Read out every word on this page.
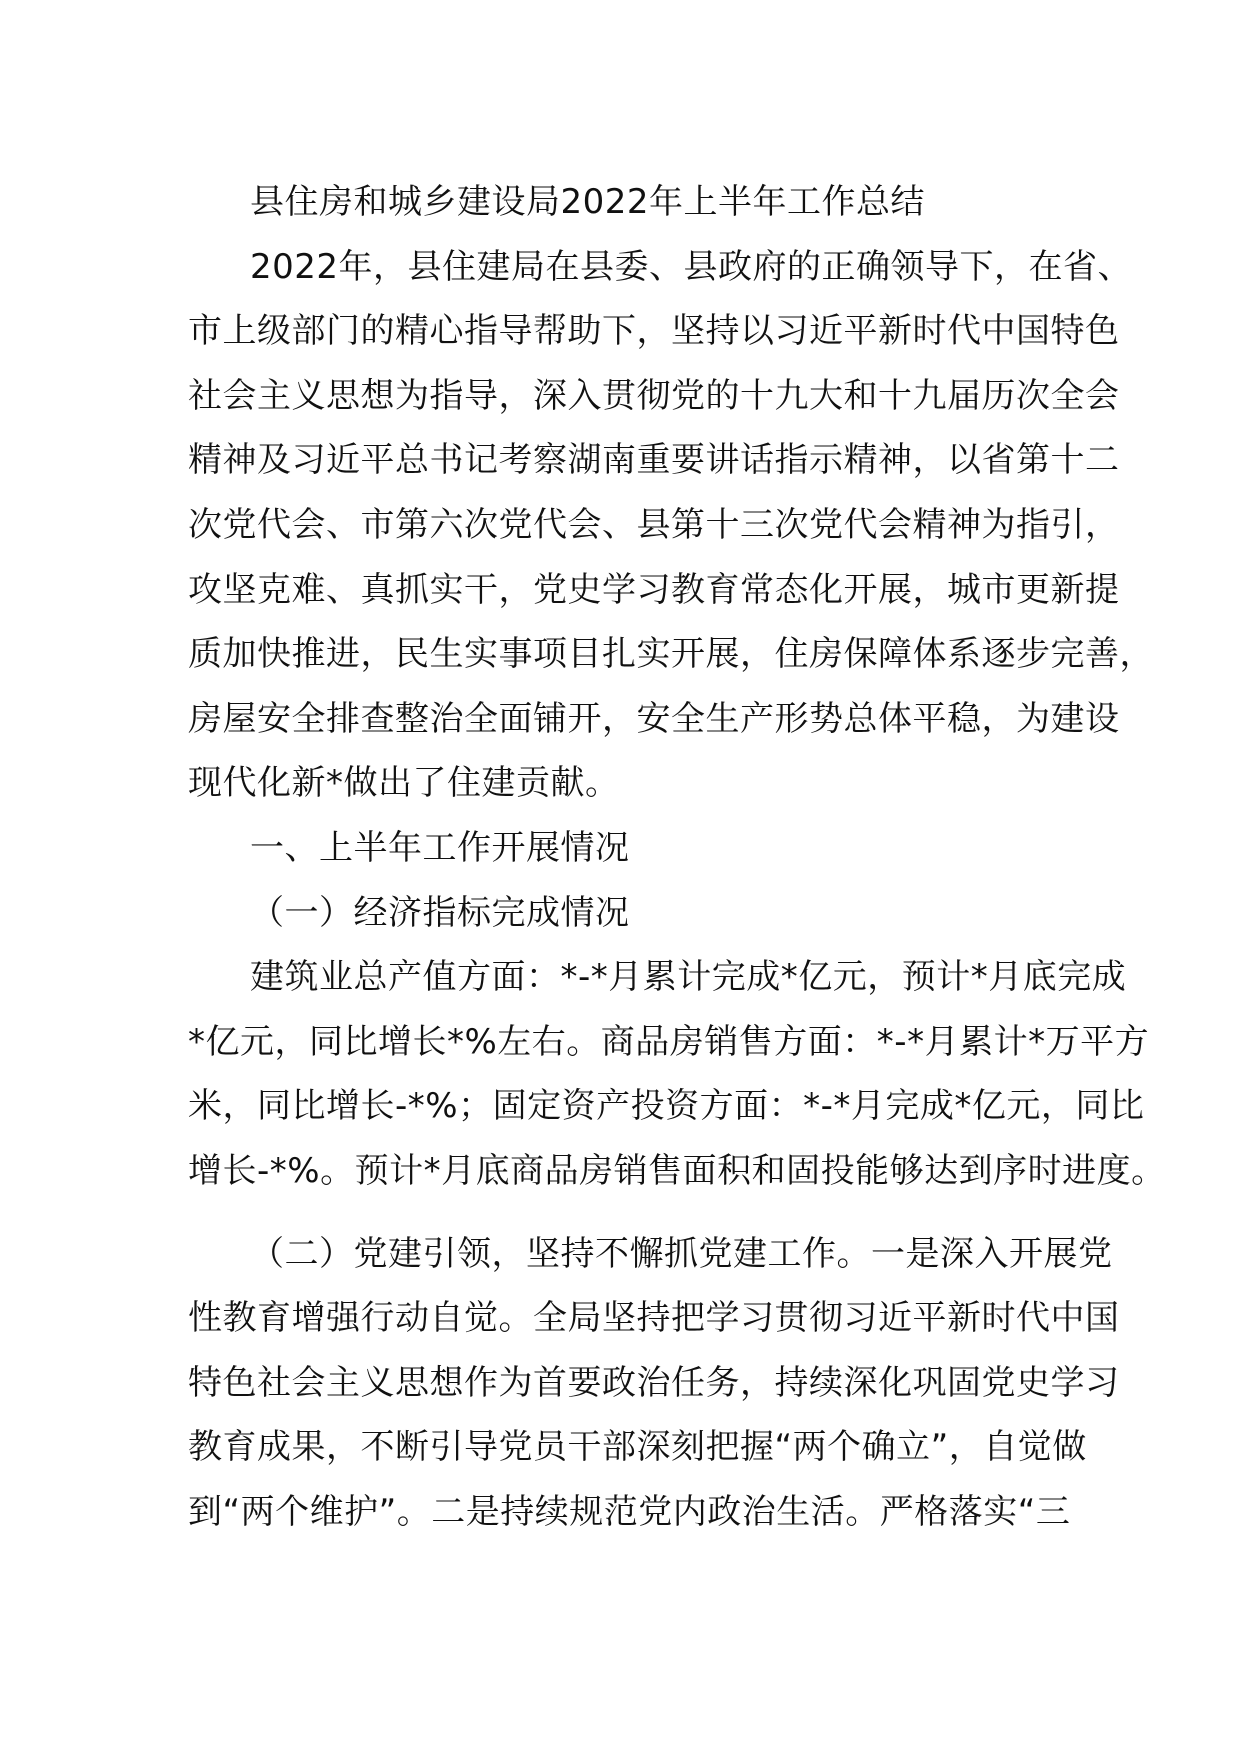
县住房和城乡建设局2022年上半年工作总结
2022年，县住建局在县委、县政府的正确领导下，在省、
市上级部门的精心指导帮助下，坚持以习近平新时代中国特色
社会主义思想为指导，深入贯彻党的十九大和十九届历次全会
精神及习近平总书记考察湖南重要讲话指示精神，以省第十二
次党代会、市第六次党代会、县第十三次党代会精神为指引，
攻坚克难、真抓实干，党史学习教育常态化开展，城市更新提
质加快推进，民生实事项目扎实开展，住房保障体系逐步完善，
房屋安全排查整治全面铺开，安全生产形势总体平稳，为建设
现代化新*做出了住建贡献。
一、上半年工作开展情况
（一）经济指标完成情况
建筑业总产值方面：*-*月累计完成*亿元，预计*月底完成
*亿元，同比增长*%左右。商品房销售方面：*-*月累计*万平方
米，同比增长-*%；固定资产投资方面：*-*月完成*亿元，同比
增长-*%。预计*月底商品房销售面积和固投能够达到序时进度。
（二）党建引领，坚持不懈抓党建工作。一是深入开展党
性教育增强行动自觉。全局坚持把学习贯彻习近平新时代中国
特色社会主义思想作为首要政治任务，持续深化巩固党史学习
教育成果，不断引导党员干部深刻把握“两个确立”，自觉做
到“两个维护”。二是持续规范党内政治生活。严格落实“三
